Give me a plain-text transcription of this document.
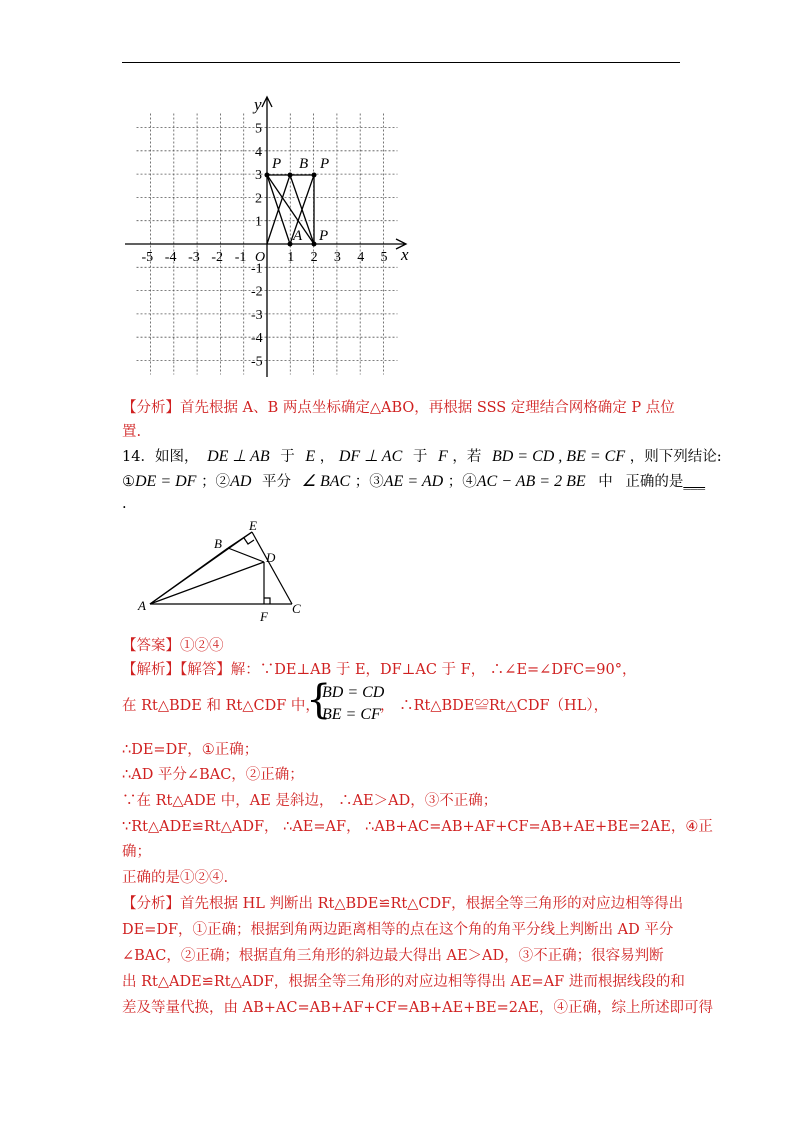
-5 -4 -3 -2 -1	1 2 3 4 5
5
4
3
2
1
-1
-2
-3
-4
-5
y
x
O
P B P
A P
【分析】首先根据 A、B 两点坐标确定△ABO，再根据 SSS 定理结合网格确定 P 点位
置.
14．如图， DE ⊥ AB 于 E ， DF ⊥ AC 于 F ，若 BD = CD , BE = CF ，则下列结论:
①DE = DF ；②AD 平分 ∠ BAC ；③AE = AD ；④AC − AB = 2 BE 中 正确的是___
.
A
B
C
D
E
F
【答案】①②④
【解析】【解答】解：∵DE⊥AB 于 E，DF⊥AC 于 F， ∴∠E=∠DFC=90°，
在 Rt△BDE 和 Rt△CDF 中，
{
BD = CD
BE = CF ， ∴Rt△BDE≌Rt△CDF（HL），
∴DE=DF，①正确；
∴AD 平分∠BAC，②正确；
∵在 Rt△ADE 中，AE 是斜边， ∴AE＞AD，③不正确；
∵Rt△ADE≌Rt△ADF， ∴AE=AF， ∴AB+AC=AB+AF+CF=AB+AE+BE=2AE，④正
确；
正确的是①②④.
【分析】首先根据 HL 判断出 Rt△BDE≌Rt△CDF，根据全等三角形的对应边相等得出
DE=DF，①正确；根据到角两边距离相等的点在这个角的角平分线上判断出 AD 平分
∠BAC，②正确；根据直角三角形的斜边最大得出 AE＞AD，③不正确；很容易判断
出 Rt△ADE≌Rt△ADF，根据全等三角形的对应边相等得出 AE=AF 进而根据线段的和
差及等量代换，由 AB+AC=AB+AF+CF=AB+AE+BE=2AE，④正确，综上所述即可得
